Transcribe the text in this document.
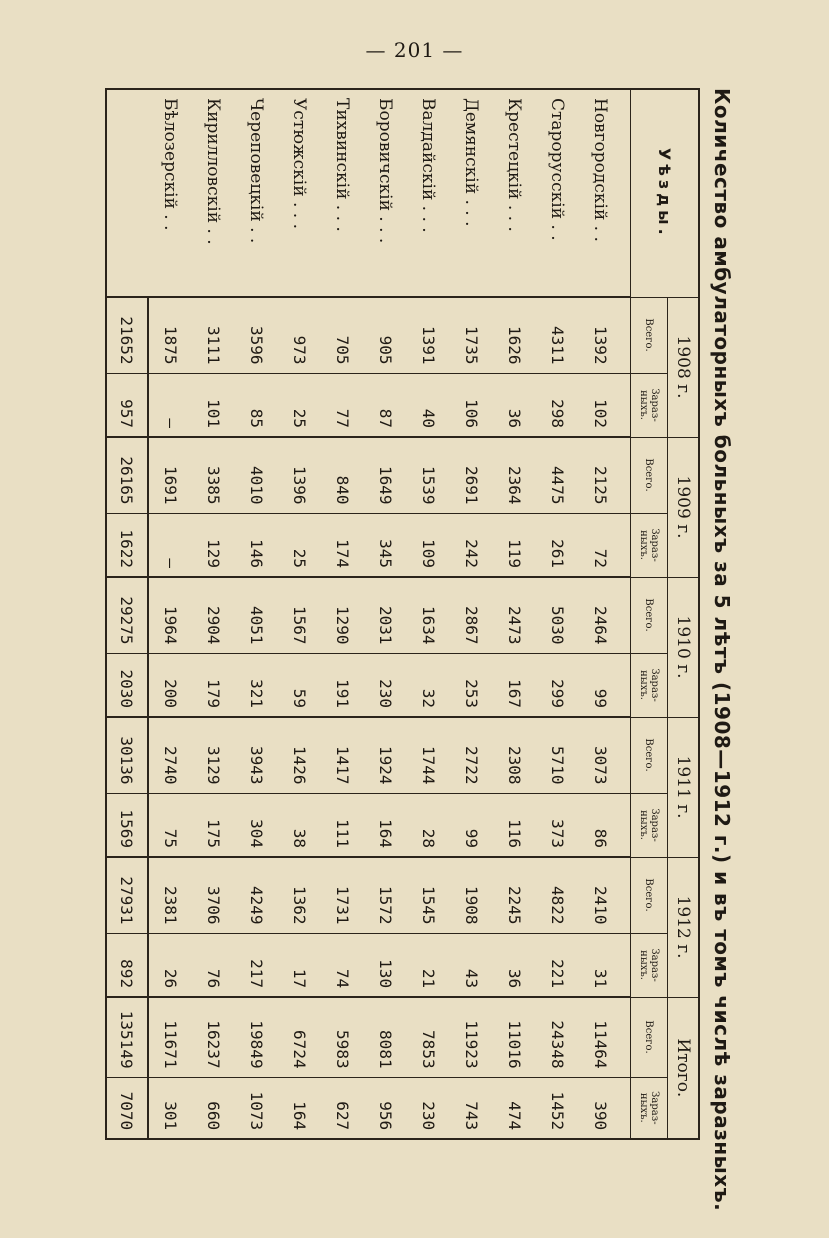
— 201 —
Количество амбулаторныхъ больныхъ за 5 лѣтъ (1908—1912 г.) и въ томъ числѣ заразныхъ.
Уѣзды.	1908 г.		1909 г.		1910 г.		1911 г.		1912 г.		Итого.	
	Всего.	Зараз-ныхъ.	Всего.	Зараз-ныхъ.	Всего.	Зараз-ныхъ.	Всего.	Зараз-ныхъ.	Всего.	Зараз-ныхъ.	Всего.	Зараз-ныхъ.
Новгородскій . .	1392	102	2125	72	2464	99	3073	86	2410	31	11464	390
Старорусскій . .	4311	298	4475	261	5030	299	5710	373	4822	221	24348	1452
Крестецкій . . .	1626	36	2364	119	2473	167	2308	116	2245	36	11016	474
Демянскій . . .	1735	106	2691	242	2867	253	2722	99	1908	43	11923	743
Валдайскій . . .	1391	40	1539	109	1634	32	1744	28	1545	21	7853	230
Боровичскій . . .	905	87	1649	345	2031	230	1924	164	1572	130	8081	956
Тихвинскій . . .	705	77	840	174	1290	191	1417	111	1731	74	5983	627
Устюжскій . . .	973	25	1396	25	1567	59	1426	38	1362	17	6724	164
Череповецкій . .	3596	85	4010	146	4051	321	3943	304	4249	217	19849	1073
Кирилловскій . .	3111	101	3385	129	2904	179	3129	175	3706	76	16237	660
Бѣлозерскій . .	1875	—	1691	—	1964	200	2740	75	2381	26	11671	301
	21652	957	26165	1622	29275	2030	30136	1569	27931	892	135149	7070
